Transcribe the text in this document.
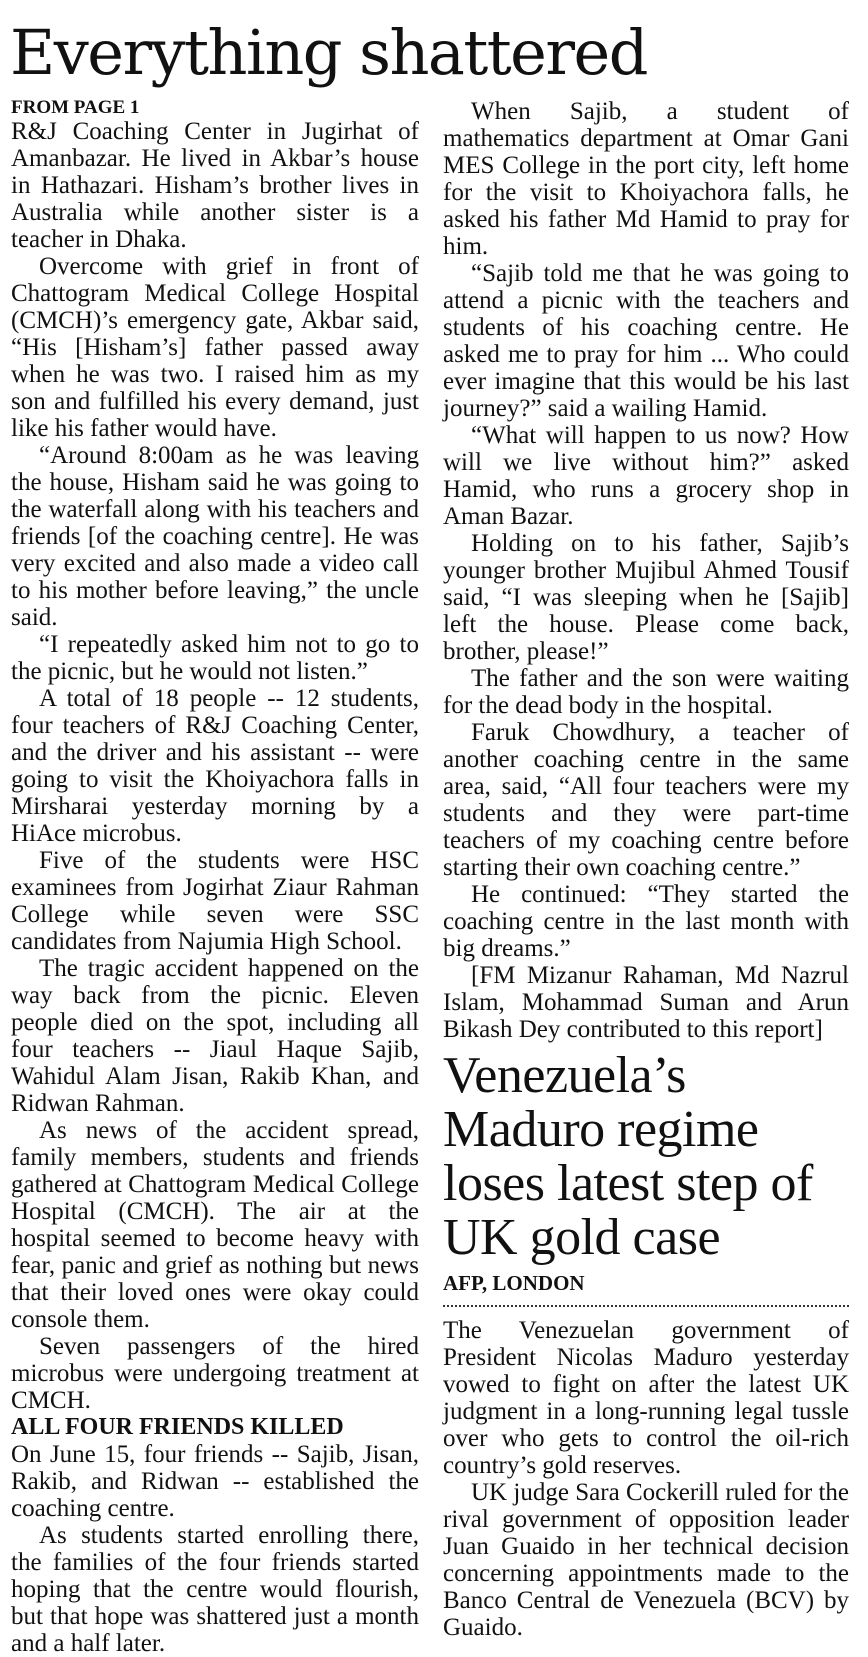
Everything shattered

FROM PAGE 1

R&J Coaching Center in Jugirhat of Amanbazar. He lived in Akbar’s house in Hathazari. Hisham’s brother lives in Australia while another sister is a teacher in Dhaka.

Overcome with grief in front of Chattogram Medical College Hospital (CMCH)’s emergency gate, Akbar said, “His [Hisham’s] father passed away when he was two. I raised him as my son and fulfilled his every demand, just like his father would have.

“Around 8:00am as he was leaving the house, Hisham said he was going to the waterfall along with his teachers and friends [of the coaching centre]. He was very excited and also made a video call to his mother before leaving,” the uncle said.

“I repeatedly asked him not to go to the picnic, but he would not listen.”

A total of 18 people -- 12 students, four teachers of R&J Coaching Center, and the driver and his assistant -- were going to visit the Khoiyachora falls in Mirsharai yesterday morning by a HiAce microbus.

Five of the students were HSC examinees from Jogirhat Ziaur Rahman College while seven were SSC candidates from Najumia High School.

The tragic accident happened on the way back from the picnic. Eleven people died on the spot, including all four teachers -- Jiaul Haque Sajib, Wahidul Alam Jisan, Rakib Khan, and Ridwan Rahman.

As news of the accident spread, family members, students and friends gathered at Chattogram Medical College Hospital (CMCH). The air at the hospital seemed to become heavy with fear, panic and grief as nothing but news that their loved ones were okay could console them.

Seven passengers of the hired microbus were undergoing treatment at CMCH.

ALL FOUR FRIENDS KILLED

On June 15, four friends -- Sajib, Jisan, Rakib, and Ridwan -- established the coaching centre.

As students started enrolling there, the families of the four friends started hoping that the centre would flourish, but that hope was shattered just a month and a half later.

When Sajib, a student of mathematics department at Omar Gani MES College in the port city, left home for the visit to Khoiyachora falls, he asked his father Md Hamid to pray for him.

“Sajib told me that he was going to attend a picnic with the teachers and students of his coaching centre. He asked me to pray for him ... Who could ever imagine that this would be his last journey?” said a wailing Hamid.

“What will happen to us now? How will we live without him?” asked Hamid, who runs a grocery shop in Aman Bazar.

Holding on to his father, Sajib’s younger brother Mujibul Ahmed Tousif said, “I was sleeping when he [Sajib] left the house. Please come back, brother, please!”

The father and the son were waiting for the dead body in the hospital.

Faruk Chowdhury, a teacher of another coaching centre in the same area, said, “All four teachers were my students and they were part-time teachers of my coaching centre before starting their own coaching centre.”

He continued: “They started the coaching centre in the last month with big dreams.”

[FM Mizanur Rahaman, Md Nazrul Islam, Mohammad Suman and Arun Bikash Dey contributed to this report]

Venezuela’s Maduro regime loses latest step of UK gold case

AFP, LONDON

The Venezuelan government of President Nicolas Maduro yesterday vowed to fight on after the latest UK judgment in a long-running legal tussle over who gets to control the oil-rich country’s gold reserves.

UK judge Sara Cockerill ruled for the rival government of opposition leader Juan Guaido in her technical decision concerning appointments made to the Banco Central de Venezuela (BCV) by Guaido.
